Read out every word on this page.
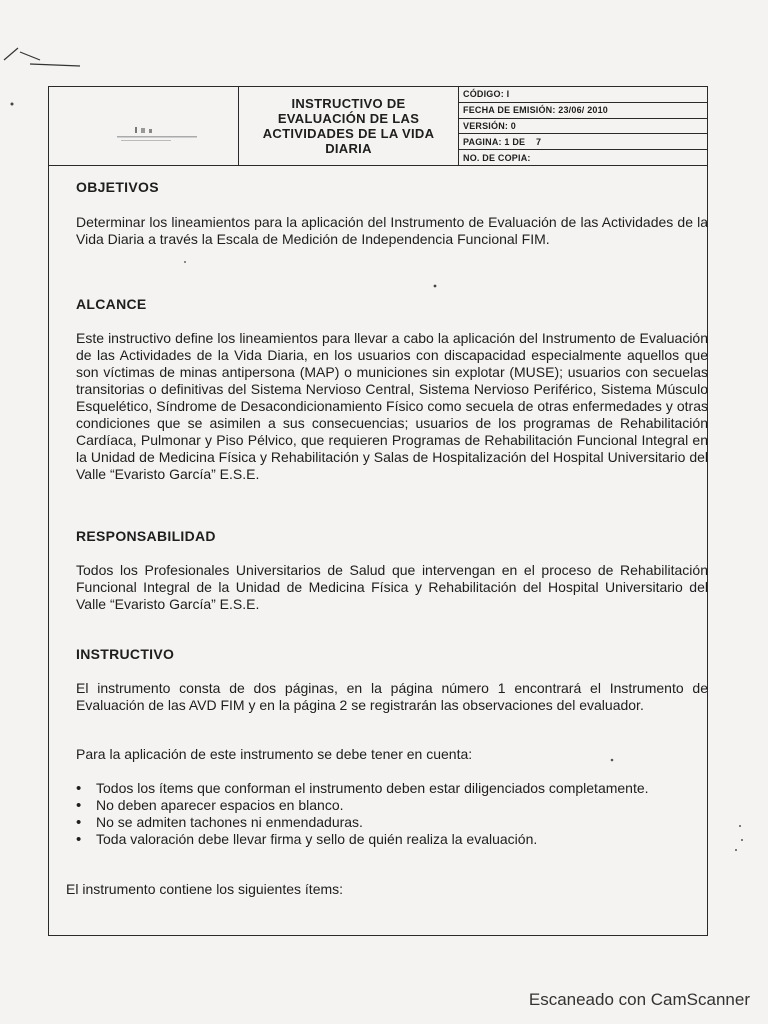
INSTRUCTIVO DE
EVALUACIÓN DE LAS
ACTIVIDADES DE LA VIDA
DIARIA
CÓDIGO: I
FECHA DE EMISIÓN: 23/06/ 2010
VERSIÓN: 0
PAGINA: 1 DE    7
NO. DE COPIA:
OBJETIVOS

Determinar los lineamientos para la aplicación del Instrumento de Evaluación de las Actividades de la Vida Diaria a través la Escala de Medición de Independencia Funcional FIM.

ALCANCE

Este instructivo define los lineamientos para llevar a cabo la aplicación del Instrumento de Evaluación de las Actividades de la Vida Diaria, en los usuarios con discapacidad especialmente aquellos que son víctimas de minas antipersona (MAP) o municiones sin explotar (MUSE); usuarios con secuelas transitorias o definitivas del Sistema Nervioso Central, Sistema Nervioso Periférico, Sistema Músculo Esquelético, Síndrome de Desacondicionamiento Físico como secuela de otras enfermedades y otras condiciones que se asimilen a sus consecuencias; usuarios de los programas de Rehabilitación Cardíaca, Pulmonar y Piso Pélvico, que requieren Programas de Rehabilitación Funcional Integral en la Unidad de Medicina Física y Rehabilitación y Salas de Hospitalización del Hospital Universitario del Valle “Evaristo García” E.S.E.

RESPONSABILIDAD

Todos los Profesionales Universitarios de Salud que intervengan en el proceso de Rehabilitación Funcional Integral de la Unidad de Medicina Física y Rehabilitación del Hospital Universitario del Valle “Evaristo García” E.S.E.

INSTRUCTIVO

El instrumento consta de dos páginas, en la página número 1 encontrará el Instrumento de Evaluación de las AVD FIM y en la página 2 se registrarán las observaciones del evaluador.

Para la aplicación de este instrumento se debe tener en cuenta:

• Todos los ítems que conforman el instrumento deben estar diligenciados completamente.
• No deben aparecer espacios en blanco.
• No se admiten tachones ni enmendaduras.
• Toda valoración debe llevar firma y sello de quién realiza la evaluación.

El instrumento contiene los siguientes ítems:

Escaneado con CamScanner
